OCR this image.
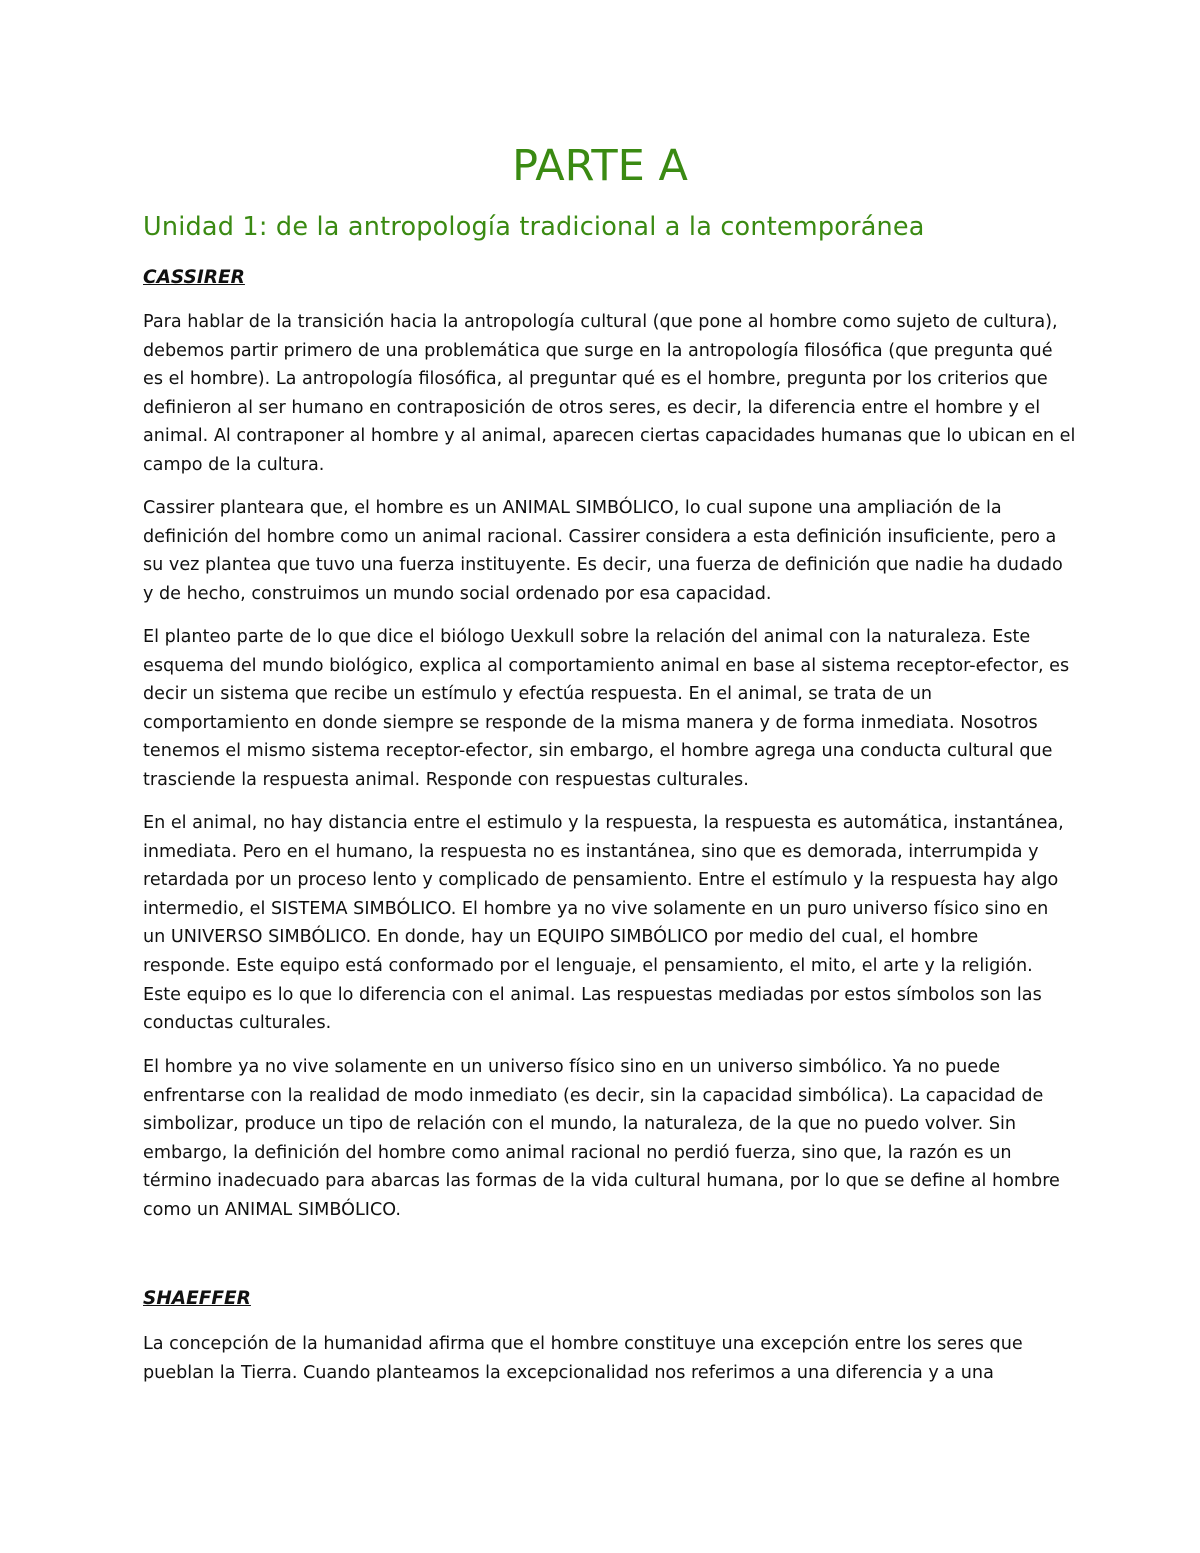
PARTE A
Unidad 1: de la antropología tradicional a la contemporánea
CASSIRER

Para hablar de la transición hacia la antropología cultural (que pone al hombre como sujeto de cultura),
debemos partir primero de una problemática que surge en la antropología filosófica (que pregunta qué
es el hombre). La antropología filosófica, al preguntar qué es el hombre, pregunta por los criterios que
definieron al ser humano en contraposición de otros seres, es decir, la diferencia entre el hombre y el
animal. Al contraponer al hombre y al animal, aparecen ciertas capacidades humanas que lo ubican en el
campo de la cultura.

Cassirer planteara que, el hombre es un ANIMAL SIMBÓLICO, lo cual supone una ampliación de la
definición del hombre como un animal racional. Cassirer considera a esta definición insuficiente, pero a
su vez plantea que tuvo una fuerza instituyente. Es decir, una fuerza de definición que nadie ha dudado
y de hecho, construimos un mundo social ordenado por esa capacidad.

El planteo parte de lo que dice el biólogo Uexkull sobre la relación del animal con la naturaleza. Este
esquema del mundo biológico, explica al comportamiento animal en base al sistema receptor-efector, es
decir un sistema que recibe un estímulo y efectúa respuesta. En el animal, se trata de un
comportamiento en donde siempre se responde de la misma manera y de forma inmediata. Nosotros
tenemos el mismo sistema receptor-efector, sin embargo, el hombre agrega una conducta cultural que
trasciende la respuesta animal. Responde con respuestas culturales.

En el animal, no hay distancia entre el estimulo y la respuesta, la respuesta es automática, instantánea,
inmediata. Pero en el humano, la respuesta no es instantánea, sino que es demorada, interrumpida y
retardada por un proceso lento y complicado de pensamiento. Entre el estímulo y la respuesta hay algo
intermedio, el SISTEMA SIMBÓLICO. El hombre ya no vive solamente en un puro universo físico sino en
un UNIVERSO SIMBÓLICO. En donde, hay un EQUIPO SIMBÓLICO por medio del cual, el hombre
responde. Este equipo está conformado por el lenguaje, el pensamiento, el mito, el arte y la religión.
Este equipo es lo que lo diferencia con el animal. Las respuestas mediadas por estos símbolos son las
conductas culturales.

El hombre ya no vive solamente en un universo físico sino en un universo simbólico. Ya no puede
enfrentarse con la realidad de modo inmediato (es decir, sin la capacidad simbólica). La capacidad de
simbolizar, produce un tipo de relación con el mundo, la naturaleza, de la que no puedo volver. Sin
embargo, la definición del hombre como animal racional no perdió fuerza, sino que, la razón es un
término inadecuado para abarcas las formas de la vida cultural humana, por lo que se define al hombre
como un ANIMAL SIMBÓLICO.

SHAEFFER

La concepción de la humanidad afirma que el hombre constituye una excepción entre los seres que
pueblan la Tierra. Cuando planteamos la excepcionalidad nos referimos a una diferencia y a una
